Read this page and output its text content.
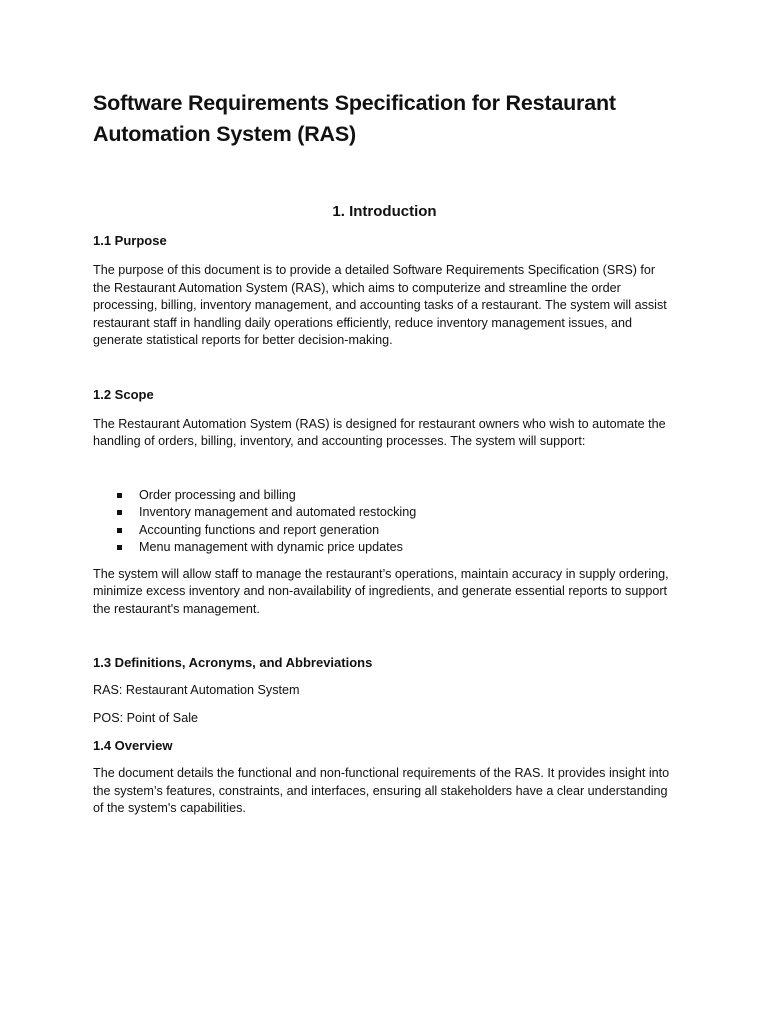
Software Requirements Specification for Restaurant Automation System (RAS)
1. Introduction
1.1 Purpose

The purpose of this document is to provide a detailed Software Requirements Specification (SRS) for the Restaurant Automation System (RAS), which aims to computerize and streamline the order processing, billing, inventory management, and accounting tasks of a restaurant. The system will assist restaurant staff in handling daily operations efficiently, reduce inventory management issues, and generate statistical reports for better decision-making.

1.2 Scope

The Restaurant Automation System (RAS) is designed for restaurant owners who wish to automate the handling of orders, billing, inventory, and accounting processes. The system will support:

Order processing and billing
Inventory management and automated restocking
Accounting functions and report generation
Menu management with dynamic price updates

The system will allow staff to manage the restaurant’s operations, maintain accuracy in supply ordering, minimize excess inventory and non-availability of ingredients, and generate essential reports to support the restaurant's management.

1.3 Definitions, Acronyms, and Abbreviations

RAS: Restaurant Automation System

POS: Point of Sale

1.4 Overview

The document details the functional and non-functional requirements of the RAS. It provides insight into the system’s features, constraints, and interfaces, ensuring all stakeholders have a clear understanding of the system's capabilities.
